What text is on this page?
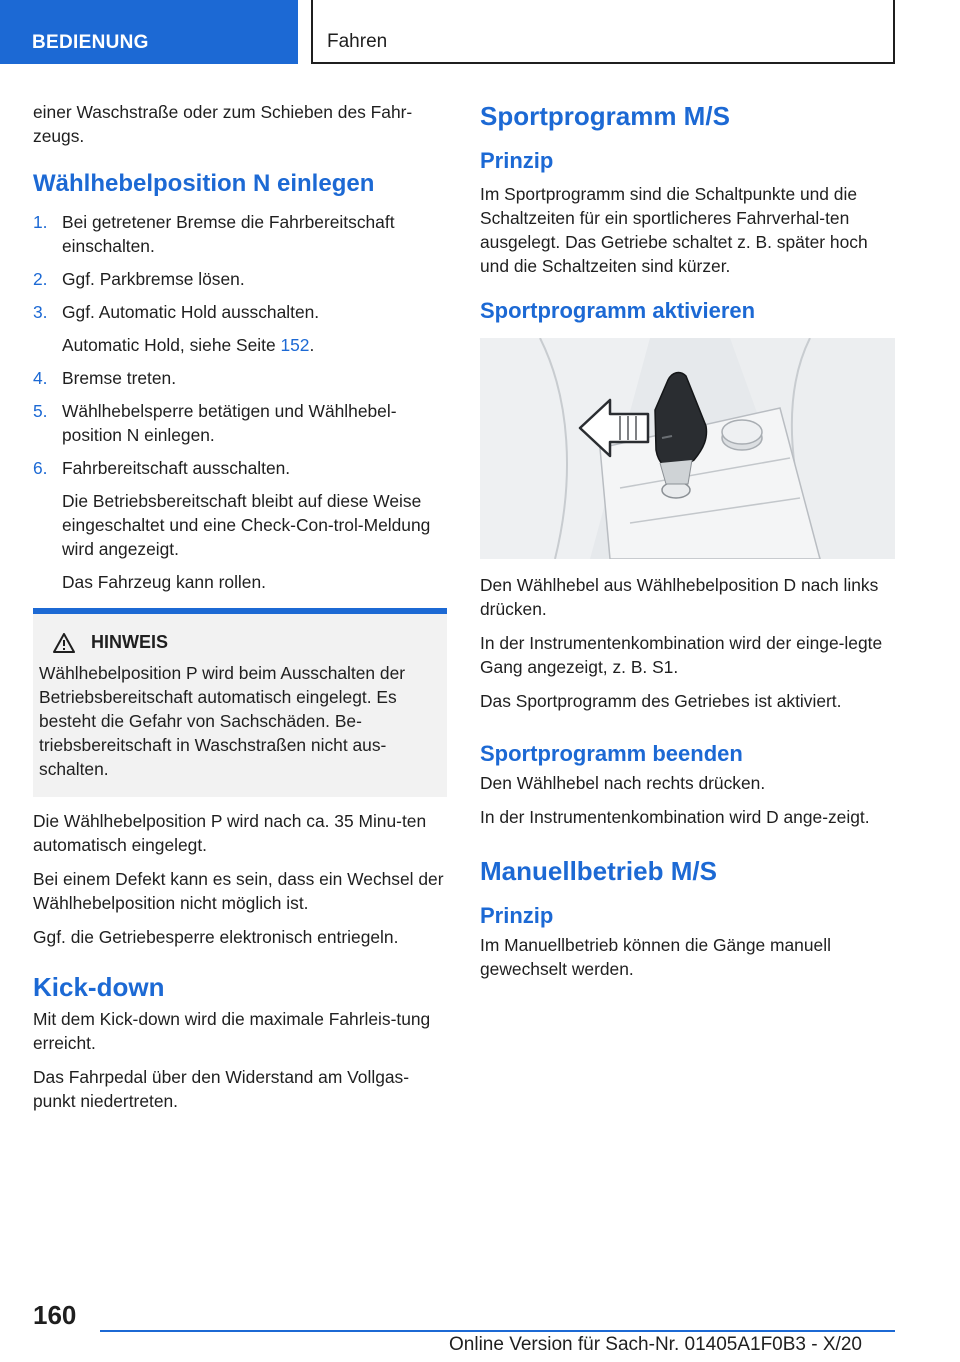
BEDIENUNG	Fahren

einer Waschstraße oder zum Schieben des Fahr-zeugs.

Wählhebelposition N einlegen
1. Bei getretener Bremse die Fahrbereitschaft einschalten.
2. Ggf. Parkbremse lösen.
3. Ggf. Automatic Hold ausschalten.
Automatic Hold, siehe Seite 152.
4. Bremse treten.
5. Wählhebelsperre betätigen und Wählhebel-position N einlegen.
6. Fahrbereitschaft ausschalten.
Die Betriebsbereitschaft bleibt auf diese Weise eingeschaltet und eine Check-Con-trol-Meldung wird angezeigt.
Das Fahrzeug kann rollen.
HINWEIS

Wählhebelposition P wird beim Ausschalten der Betriebsbereitschaft automatisch eingelegt. Es besteht die Gefahr von Sachschäden. Be-triebsbereitschaft in Waschstraßen nicht aus-schalten.

Die Wählhebelposition P wird nach ca. 35 Minu-ten automatisch eingelegt.

Bei einem Defekt kann es sein, dass ein Wechsel der Wählhebelposition nicht möglich ist.

Ggf. die Getriebesperre elektronisch entriegeln.

Kick-down

Mit dem Kick-down wird die maximale Fahrleis-tung erreicht.

Das Fahrpedal über den Widerstand am Vollgas-punkt niedertreten.

Sportprogramm M/S
Prinzip

Im Sportprogramm sind die Schaltpunkte und die Schaltzeiten für ein sportlicheres Fahrverhal-ten ausgelegt. Das Getriebe schaltet z. B. später hoch und die Schaltzeiten sind kürzer.

Sportprogramm aktivieren

Den Wählhebel aus Wählhebelposition D nach links drücken.

In der Instrumentenkombination wird der einge-legte Gang angezeigt, z. B. S1.

Das Sportprogramm des Getriebes ist aktiviert.

Sportprogramm beenden

Den Wählhebel nach rechts drücken.

In der Instrumentenkombination wird D ange-zeigt.

Manuellbetrieb M/S
Prinzip

Im Manuellbetrieb können die Gänge manuell gewechselt werden.

160
Online Version für Sach-Nr. 01405A1F0B3 - X/20
